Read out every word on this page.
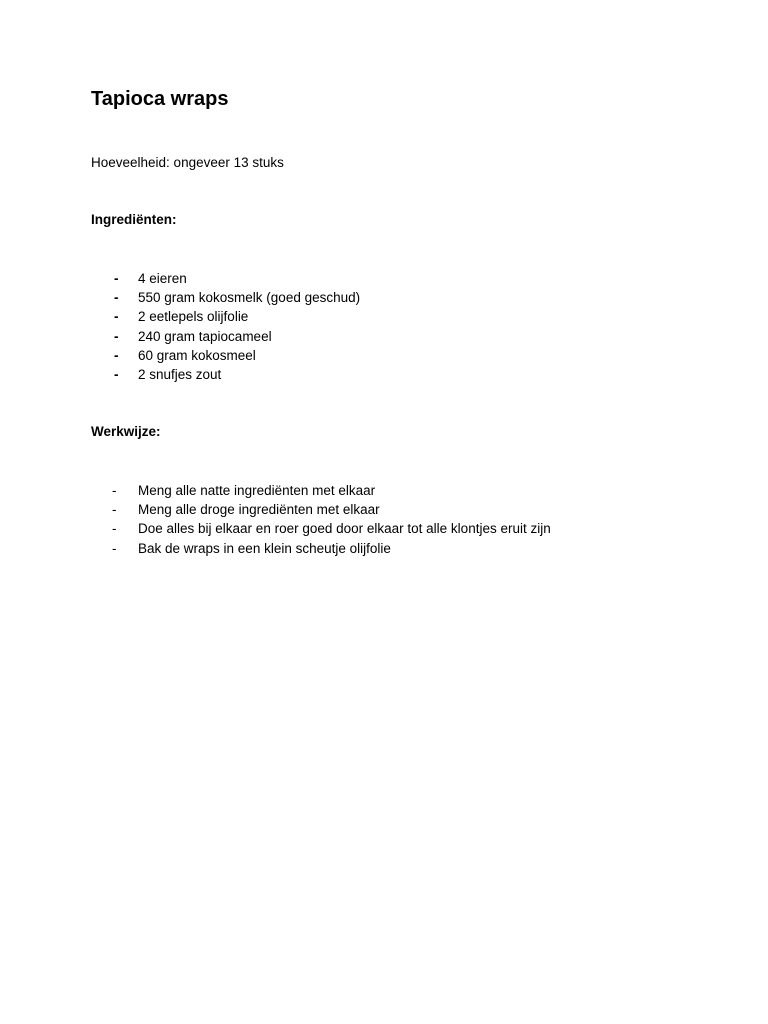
Tapioca wraps

Hoeveelheid: ongeveer 13 stuks

Ingrediënten:

-	4 eieren
-	550 gram kokosmelk (goed geschud)
-	2 eetlepels olijfolie
-	240 gram tapiocameel
-	60 gram kokosmeel
-	2 snufjes zout

Werkwijze:

-	Meng alle natte ingrediënten met elkaar
-	Meng alle droge ingrediënten met elkaar
-	Doe alles bij elkaar en roer goed door elkaar tot alle klontjes eruit zijn
-	Bak de wraps in een klein scheutje olijfolie
